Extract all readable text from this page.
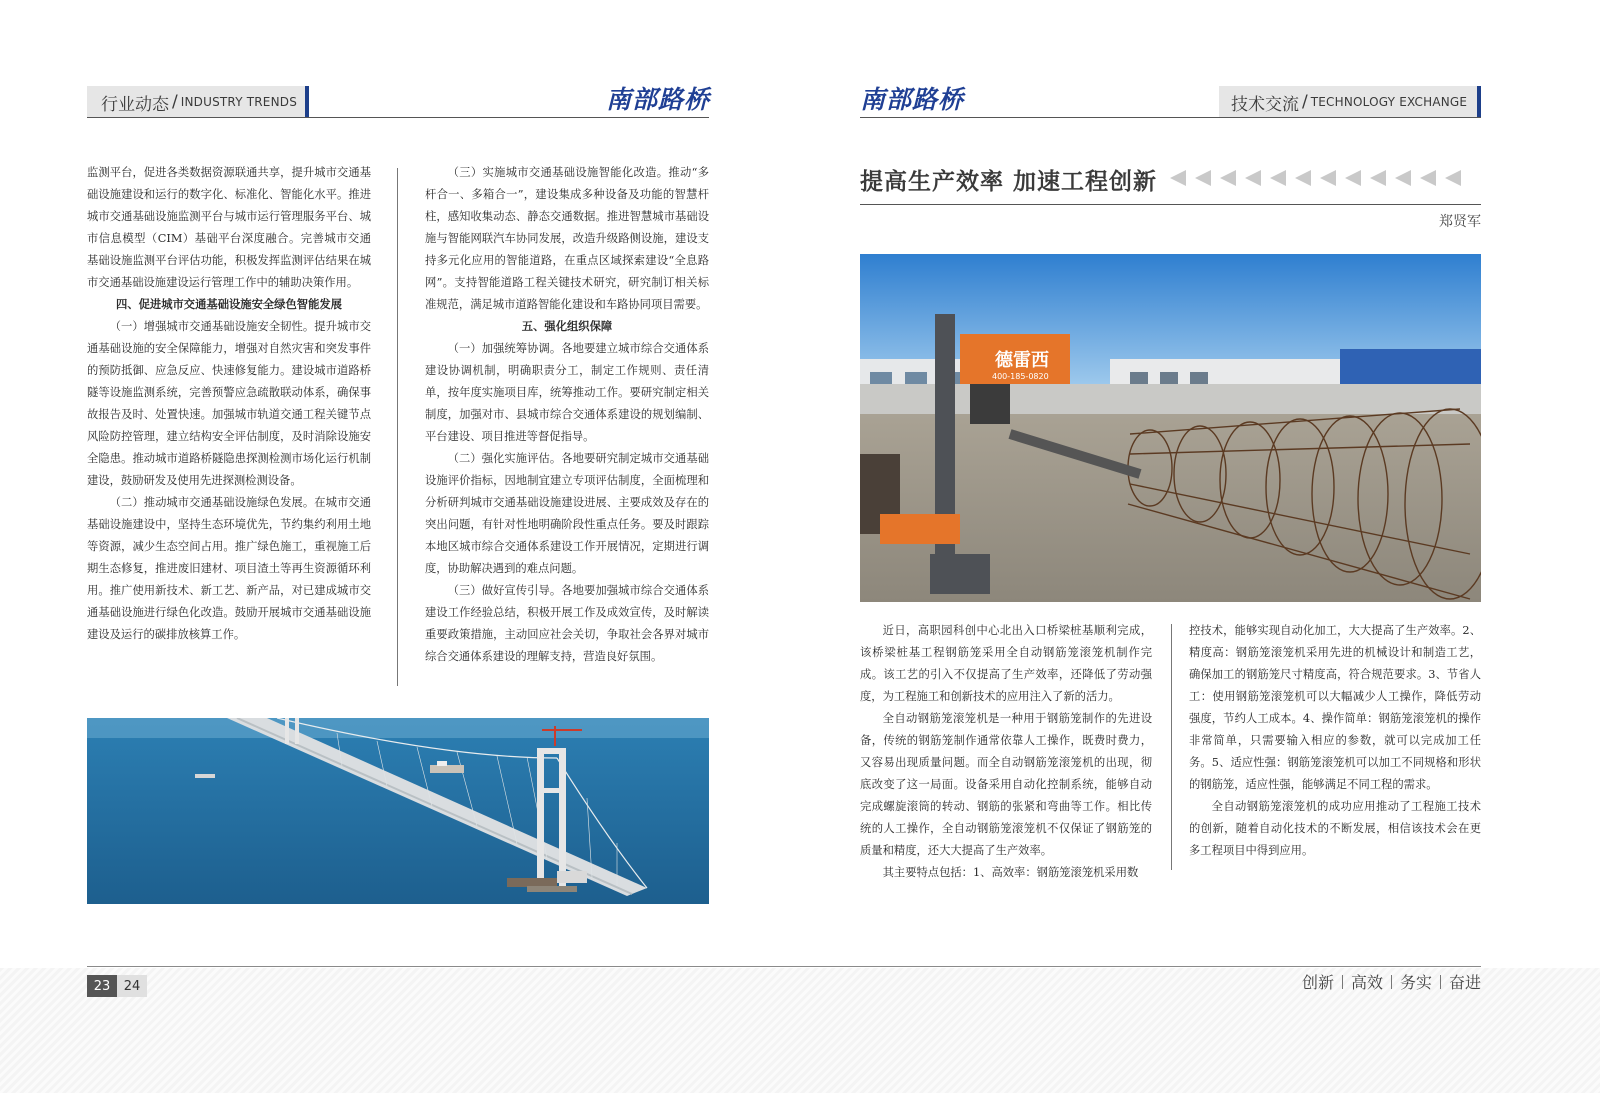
行业动态 / INDUSTRY TRENDS	南部路桥

监测平台，促进各类数据资源联通共享，提升城市交通基础设施建设和运行的数字化、标准化、智能化水平。推进城市交通基础设施监测平台与城市运行管理服务平台、城市信息模型（CIM）基础平台深度融合。完善城市交通基础设施监测平台评估功能，积极发挥监测评估结果在城市交通基础设施建设运行管理工作中的辅助决策作用。

四、促进城市交通基础设施安全绿色智能发展

（一）增强城市交通基础设施安全韧性。提升城市交通基础设施的安全保障能力，增强对自然灾害和突发事件的预防抵御、应急反应、快速修复能力。建设城市道路桥隧等设施监测系统，完善预警应急疏散联动体系，确保事故报告及时、处置快速。加强城市轨道交通工程关键节点风险防控管理，建立结构安全评估制度，及时消除设施安全隐患。推动城市道路桥隧隐患探测检测市场化运行机制建设，鼓励研发及使用先进探测检测设备。

（二）推动城市交通基础设施绿色发展。在城市交通基础设施建设中，坚持生态环境优先，节约集约利用土地等资源，减少生态空间占用。推广绿色施工，重视施工后期生态修复，推进废旧建材、项目渣土等再生资源循环利用。推广使用新技术、新工艺、新产品，对已建成城市交通基础设施进行绿色化改造。鼓励开展城市交通基础设施建设及运行的碳排放核算工作。

（三）实施城市交通基础设施智能化改造。推动“多杆合一、多箱合一”，建设集成多种设备及功能的智慧杆柱，感知收集动态、静态交通数据。推进智慧城市基础设施与智能网联汽车协同发展，改造升级路侧设施，建设支持多元化应用的智能道路，在重点区域探索建设“全息路网”。支持智能道路工程关键技术研究，研究制订相关标准规范，满足城市道路智能化建设和车路协同项目需要。

五、强化组织保障

（一）加强统筹协调。各地要建立城市综合交通体系建设协调机制，明确职责分工，制定工作规则、责任清单，按年度实施项目库，统筹推动工作。要研究制定相关制度，加强对市、县城市综合交通体系建设的规划编制、平台建设、项目推进等督促指导。

（二）强化实施评估。各地要研究制定城市交通基础设施评价指标，因地制宜建立专项评估制度，全面梳理和分析研判城市交通基础设施建设进展、主要成效及存在的突出问题，有针对性地明确阶段性重点任务。要及时跟踪本地区城市综合交通体系建设工作开展情况，定期进行调度，协助解决遇到的难点问题。

（三）做好宣传引导。各地要加强城市综合交通体系建设工作经验总结，积极开展工作及成效宣传，及时解读重要政策措施，主动回应社会关切，争取社会各界对城市综合交通体系建设的理解支持，营造良好氛围。

南部路桥	技术交流 / TECHNOLOGY EXCHANGE
提高生产效率 加速工程创新
郑贤军
德雷西
400-185-0820

近日，高职园科创中心北出入口桥梁桩基顺利完成，该桥梁桩基工程钢筋笼采用全自动钢筋笼滚笼机制作完成。该工艺的引入不仅提高了生产效率，还降低了劳动强度，为工程施工和创新技术的应用注入了新的活力。

全自动钢筋笼滚笼机是一种用于钢筋笼制作的先进设备，传统的钢筋笼制作通常依靠人工操作，既费时费力，又容易出现质量问题。而全自动钢筋笼滚笼机的出现，彻底改变了这一局面。设备采用自动化控制系统，能够自动完成螺旋滚筒的转动、钢筋的张紧和弯曲等工作。相比传统的人工操作，全自动钢筋笼滚笼机不仅保证了钢筋笼的质量和精度，还大大提高了生产效率。

其主要特点包括：1、高效率：钢筋笼滚笼机采用数

控技术，能够实现自动化加工，大大提高了生产效率。2、精度高：钢筋笼滚笼机采用先进的机械设计和制造工艺，确保加工的钢筋笼尺寸精度高，符合规范要求。3、节省人工：使用钢筋笼滚笼机可以大幅减少人工操作，降低劳动强度，节约人工成本。4、操作简单：钢筋笼滚笼机的操作非常简单，只需要输入相应的参数，就可以完成加工任务。5、适应性强：钢筋笼滚笼机可以加工不同规格和形状的钢筋笼，适应性强，能够满足不同工程的需求。

全自动钢筋笼滚笼机的成功应用推动了工程施工技术的创新，随着自动化技术的不断发展，相信该技术会在更多工程项目中得到应用。

23	24	创新 高效 务实 奋进
